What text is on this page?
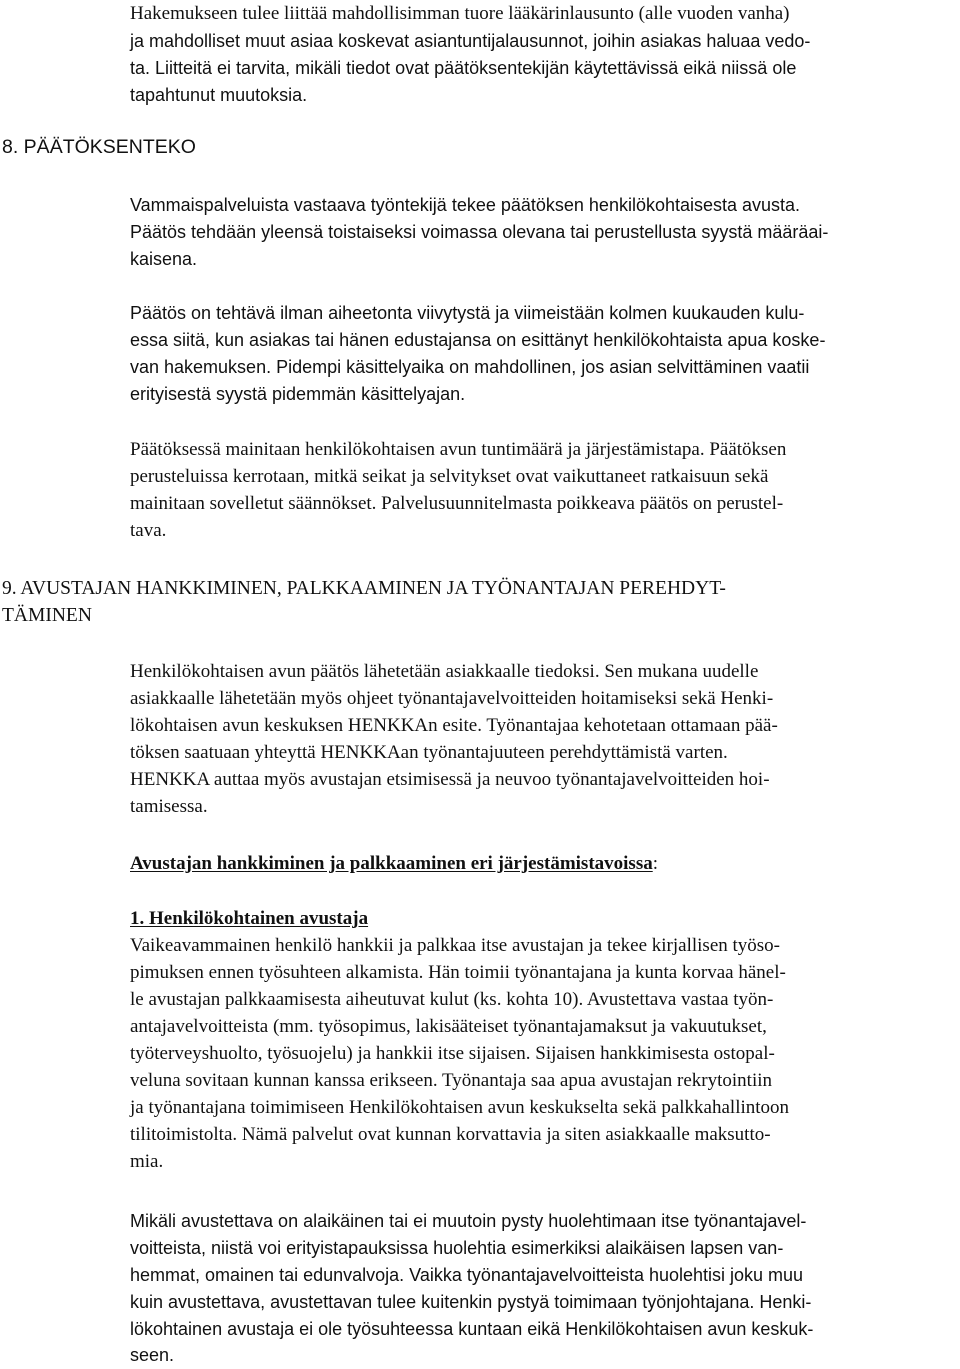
Hakemukseen tulee liittää mahdollisimman tuore lääkärinlausunto (alle vuoden vanha)
ja mahdolliset muut asiaa koskevat asiantuntijalausunnot, joihin asiakas haluaa vedo-
ta. Liitteitä ei tarvita, mikäli tiedot ovat päätöksentekijän käytettävissä eikä niissä ole
tapahtunut muutoksia.
8. PÄÄTÖKSENTEKO
Vammaispalveluista vastaava työntekijä tekee päätöksen henkilökohtaisesta avusta.
Päätös tehdään yleensä toistaiseksi voimassa olevana tai perustellusta syystä määräai-
kaisena.
Päätös on tehtävä ilman aiheetonta viivytystä ja viimeistään kolmen kuukauden kulu-
essa siitä, kun asiakas tai hänen edustajansa on esittänyt henkilökohtaista apua koske-
van hakemuksen. Pidempi käsittelyaika on mahdollinen, jos asian selvittäminen vaatii
erityisestä syystä pidemmän käsittelyajan.
Päätöksessä mainitaan henkilökohtaisen avun tuntimäärä ja järjestämistapa. Päätöksen
perusteluissa kerrotaan, mitkä seikat ja selvitykset ovat vaikuttaneet ratkaisuun sekä
mainitaan sovelletut säännökset. Palvelusuunnitelmasta poikkeava päätös on perustel-
tava.
9. AVUSTAJAN HANKKIMINEN, PALKKAAMINEN JA TYÖNANTAJAN PEREHDYT-
TÄMINEN
Henkilökohtaisen avun päätös lähetetään asiakkaalle tiedoksi. Sen mukana uudelle
asiakkaalle lähetetään myös ohjeet työnantajavelvoitteiden hoitamiseksi sekä Henki-
lökohtaisen avun keskuksen HENKKAn esite. Työnantajaa kehotetaan ottamaan pää-
töksen saatuaan yhteyttä HENKKAan työnantajuuteen perehdyttämistä varten.
HENKKA auttaa myös avustajan etsimisessä ja neuvoo työnantajavelvoitteiden hoi-
tamisessa.
Avustajan hankkiminen ja palkkaaminen eri järjestämistavoissa:
1. Henkilökohtainen avustaja
Vaikeavammainen henkilö hankkii ja palkkaa itse avustajan ja tekee kirjallisen työso-
pimuksen ennen työsuhteen alkamista. Hän toimii työnantajana ja kunta korvaa hänel-
le avustajan palkkaamisesta aiheutuvat kulut (ks. kohta 10). Avustettava vastaa työn-
antajavelvoitteista (mm. työsopimus, lakisääteiset työnantajamaksut ja vakuutukset,
työterveyshuolto, työsuojelu) ja hankkii itse sijaisen. Sijaisen hankkimisesta ostopal-
veluna sovitaan kunnan kanssa erikseen. Työnantaja saa apua avustajan rekrytointiin
ja työnantajana toimimiseen Henkilökohtaisen avun keskukselta sekä palkkahallintoon
tilitoimistolta. Nämä palvelut ovat kunnan korvattavia ja siten asiakkaalle maksutto-
mia.
Mikäli avustettava on alaikäinen tai ei muutoin pysty huolehtimaan itse työnantajavel-
voitteista, niistä voi erityistapauksissa huolehtia esimerkiksi alaikäisen lapsen van-
hemmat, omainen tai edunvalvoja. Vaikka työnantajavelvoitteista huolehtisi joku muu
kuin avustettava, avustettavan tulee kuitenkin pystyä toimimaan työnjohtajana. Henki-
lökohtainen avustaja ei ole työsuhteessa kuntaan eikä Henkilökohtaisen avun keskuk-
seen.
